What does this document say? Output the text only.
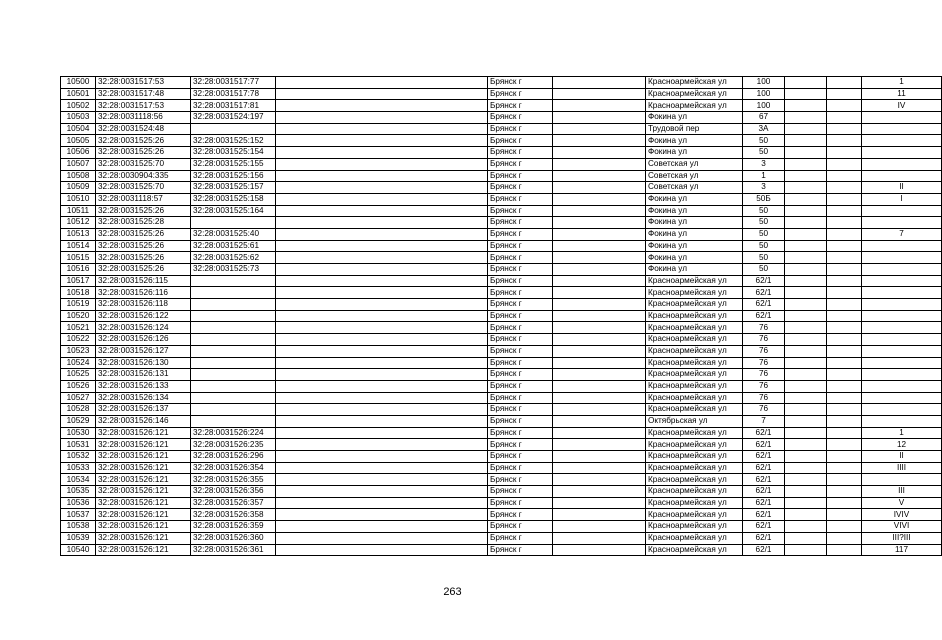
10500	32:28:0031517:53	32:28:0031517:77		Брянск г		Красноармейская ул	100			1
10501	32:28:0031517:48	32:28:0031517:78		Брянск г		Красноармейская ул	100			11
10502	32:28:0031517:53	32:28:0031517:81		Брянск г		Красноармейская ул	100			IV
10503	32:28:0031118:56	32:28:0031524:197		Брянск г		Фокина ул	67			
10504	32:28:0031524:48			Брянск г		Трудовой пер	3А			
10505	32:28:0031525:26	32:28:0031525:152		Брянск г		Фокина ул	50			
10506	32:28:0031525:26	32:28:0031525:154		Брянск г		Фокина ул	50			
10507	32:28:0031525:70	32:28:0031525:155		Брянск г		Советская ул	3			
10508	32:28:0030904:335	32:28:0031525:156		Брянск г		Советская ул	1			
10509	32:28:0031525:70	32:28:0031525:157		Брянск г		Советская ул	3			II
10510	32:28:0031118:57	32:28:0031525:158		Брянск г		Фокина ул	50Б			I
10511	32:28:0031525:26	32:28:0031525:164		Брянск г		Фокина ул	50			
10512	32:28:0031525:28			Брянск г		Фокина ул	50			
10513	32:28:0031525:26	32:28:0031525:40		Брянск г		Фокина ул	50			7
10514	32:28:0031525:26	32:28:0031525:61		Брянск г		Фокина ул	50			
10515	32:28:0031525:26	32:28:0031525:62		Брянск г		Фокина ул	50			
10516	32:28:0031525:26	32:28:0031525:73		Брянск г		Фокина ул	50			
10517	32:28:0031526:115			Брянск г		Красноармейская ул	62/1			
10518	32:28:0031526:116			Брянск г		Красноармейская ул	62/1			
10519	32:28:0031526:118			Брянск г		Красноармейская ул	62/1			
10520	32:28:0031526:122			Брянск г		Красноармейская ул	62/1			
10521	32:28:0031526:124			Брянск г		Красноармейская ул	76			
10522	32:28:0031526:126			Брянск г		Красноармейская ул	76			
10523	32:28:0031526:127			Брянск г		Красноармейская ул	76			
10524	32:28:0031526:130			Брянск г		Красноармейская ул	76			
10525	32:28:0031526:131			Брянск г		Красноармейская ул	76			
10526	32:28:0031526:133			Брянск г		Красноармейская ул	76			
10527	32:28:0031526:134			Брянск г		Красноармейская ул	76			
10528	32:28:0031526:137			Брянск г		Красноармейская ул	76			
10529	32:28:0031526:146			Брянск г		Октябрьская ул	7			
10530	32:28:0031526:121	32:28:0031526:224		Брянск г		Красноармейская ул	62/1			1
10531	32:28:0031526:121	32:28:0031526:235		Брянск г		Красноармейская ул	62/1			12
10532	32:28:0031526:121	32:28:0031526:296		Брянск г		Красноармейская ул	62/1			II
10533	32:28:0031526:121	32:28:0031526:354		Брянск г		Красноармейская ул	62/1			IIII
10534	32:28:0031526:121	32:28:0031526:355		Брянск г		Красноармейская ул	62/1			
10535	32:28:0031526:121	32:28:0031526:356		Брянск г		Красноармейская ул	62/1			III
10536	32:28:0031526:121	32:28:0031526:357		Брянск г		Красноармейская ул	62/1			V
10537	32:28:0031526:121	32:28:0031526:358		Брянск г		Красноармейская ул	62/1			IVIV
10538	32:28:0031526:121	32:28:0031526:359		Брянск г		Красноармейская ул	62/1			VIVI
10539	32:28:0031526:121	32:28:0031526:360		Брянск г		Красноармейская ул	62/1			III?III
10540	32:28:0031526:121	32:28:0031526:361		Брянск г		Красноармейская ул	62/1			117
263
